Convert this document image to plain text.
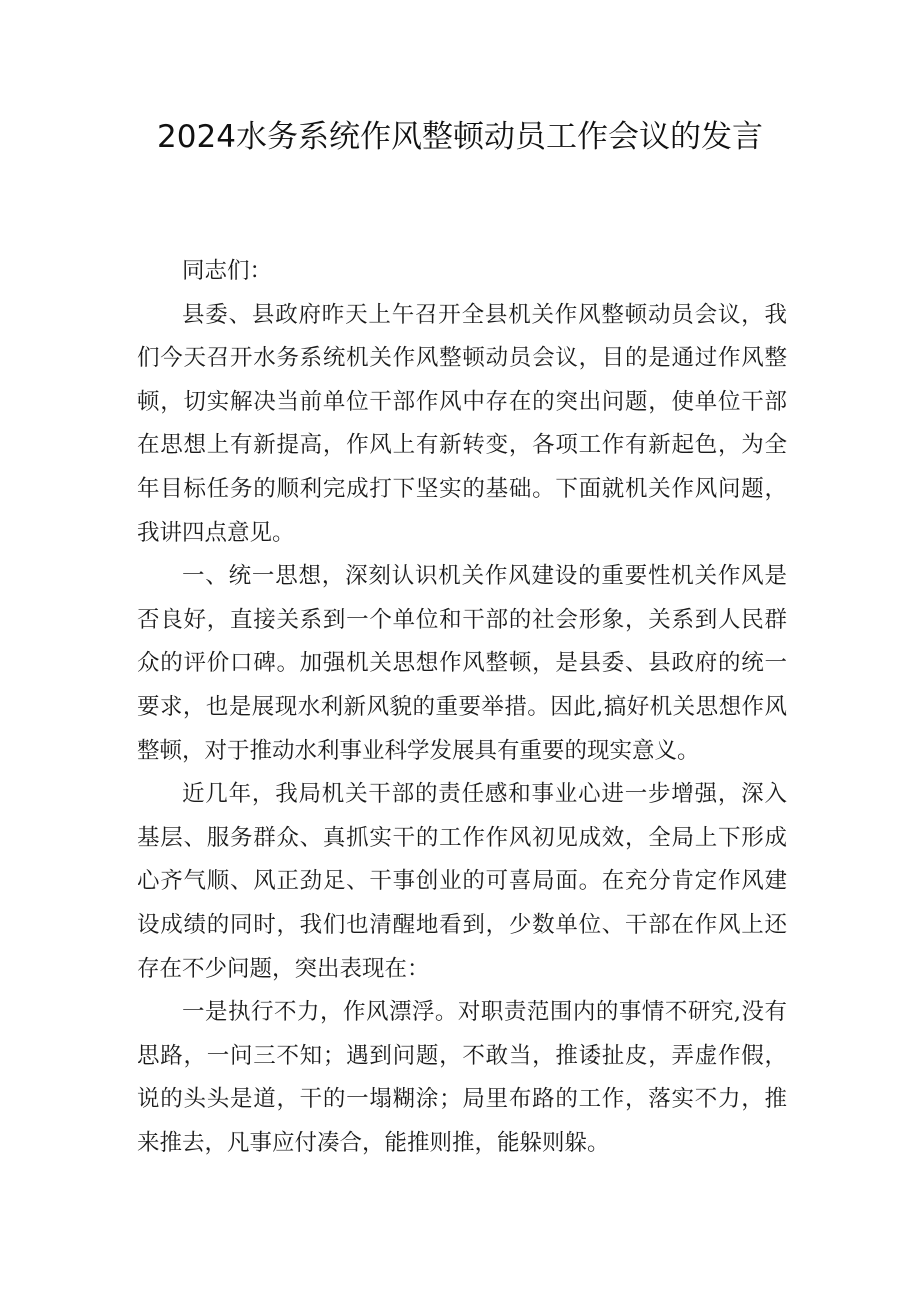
2024水务系统作风整顿动员工作会议的发言

同志们：

县委、县政府昨天上午召开全县机关作风整顿动员会议，我们今天召开水务系统机关作风整顿动员会议，目的是通过作风整顿，切实解决当前单位干部作风中存在的突出问题，使单位干部在思想上有新提高，作风上有新转变，各项工作有新起色，为全年目标任务的顺利完成打下坚实的基础。下面就机关作风问题，我讲四点意见。

一、统一思想，深刻认识机关作风建设的重要性机关作风是否良好，直接关系到一个单位和干部的社会形象，关系到人民群众的评价口碑。加强机关思想作风整顿，是县委、县政府的统一要求，也是展现水利新风貌的重要举措。因此,搞好机关思想作风整顿，对于推动水利事业科学发展具有重要的现实意义。

近几年，我局机关干部的责任感和事业心进一步增强，深入基层、服务群众、真抓实干的工作作风初见成效，全局上下形成心齐气顺、风正劲足、干事创业的可喜局面。在充分肯定作风建设成绩的同时，我们也清醒地看到，少数单位、干部在作风上还存在不少问题，突出表现在：

一是执行不力，作风漂浮。对职责范围内的事情不研究,没有思路，一问三不知；遇到问题，不敢当，推诿扯皮，弄虚作假，说的头头是道，干的一塌糊涂；局里布路的工作，落实不力，推来推去，凡事应付凑合，能推则推，能躲则躲。
